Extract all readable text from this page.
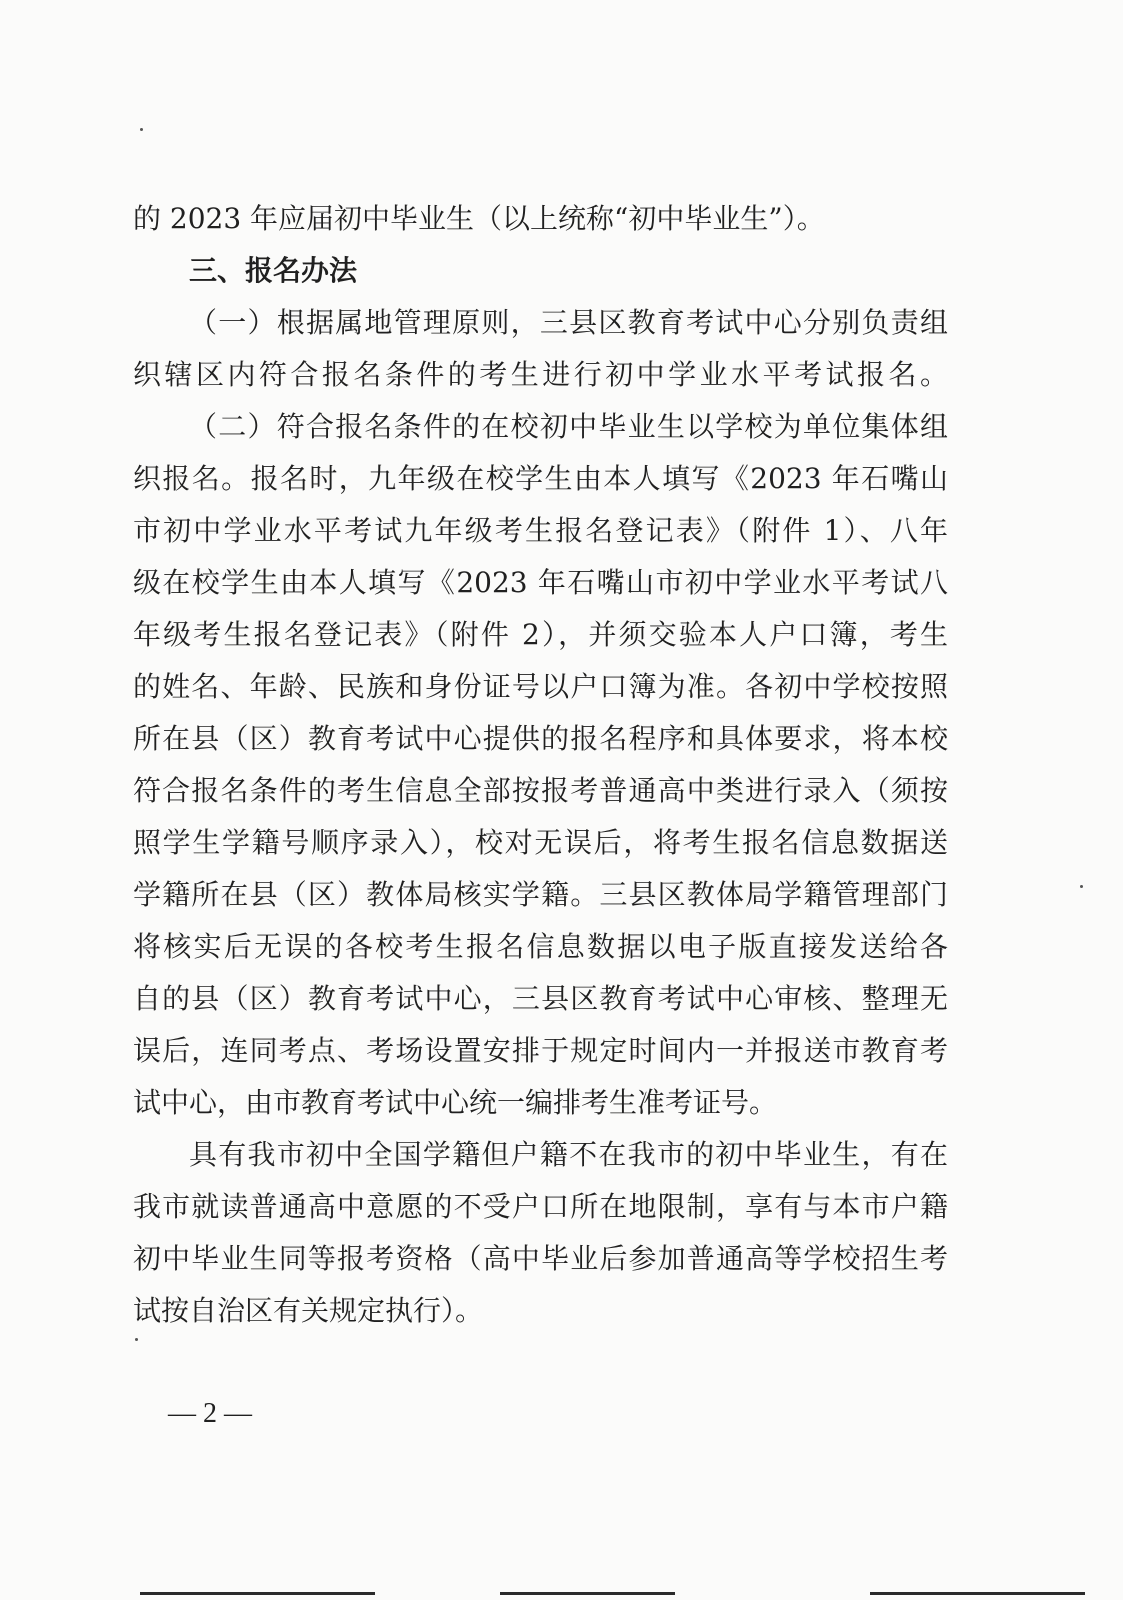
的 2023 年应届初中毕业生（以上统称“初中毕业生”）。
三、报名办法
（一）根据属地管理原则，三县区教育考试中心分别负责组
织辖区内符合报名条件的考生进行初中学业水平考试报名。
（二）符合报名条件的在校初中毕业生以学校为单位集体组
织报名。报名时，九年级在校学生由本人填写《2023 年石嘴山
市初中学业水平考试九年级考生报名登记表》（附件 1）、八年
级在校学生由本人填写《2023 年石嘴山市初中学业水平考试八
年级考生报名登记表》（附件 2），并须交验本人户口簿，考生
的姓名、年龄、民族和身份证号以户口簿为准。各初中学校按照
所在县（区）教育考试中心提供的报名程序和具体要求，将本校
符合报名条件的考生信息全部按报考普通高中类进行录入（须按
照学生学籍号顺序录入），校对无误后，将考生报名信息数据送
学籍所在县（区）教体局核实学籍。三县区教体局学籍管理部门
将核实后无误的各校考生报名信息数据以电子版直接发送给各
自的县（区）教育考试中心，三县区教育考试中心审核、整理无
误后，连同考点、考场设置安排于规定时间内一并报送市教育考
试中心，由市教育考试中心统一编排考生准考证号。
具有我市初中全国学籍但户籍不在我市的初中毕业生，有在
我市就读普通高中意愿的不受户口所在地限制，享有与本市户籍
初中毕业生同等报考资格（高中毕业后参加普通高等学校招生考
试按自治区有关规定执行）。
— 2 —
